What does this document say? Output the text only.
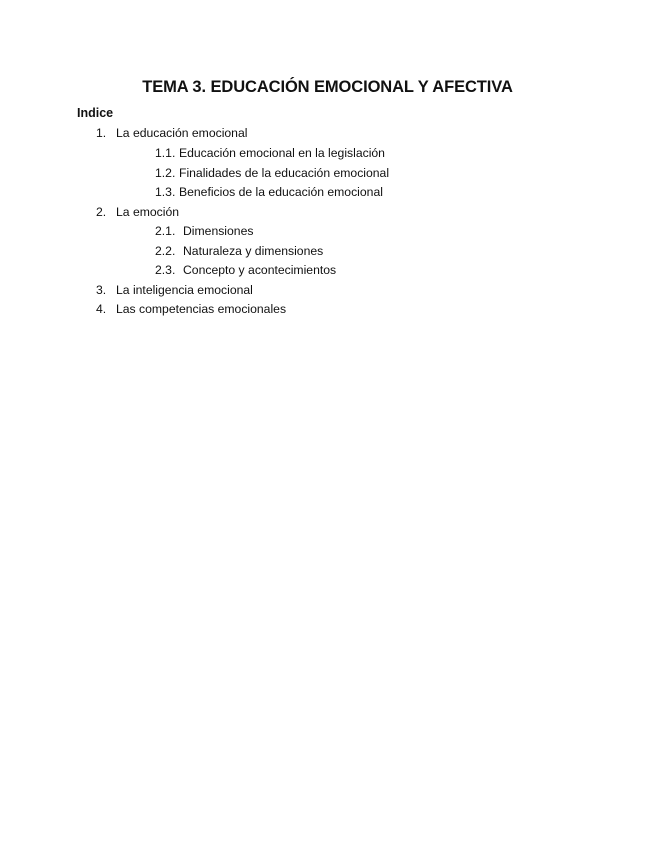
TEMA 3. EDUCACIÓN EMOCIONAL Y AFECTIVA
Indice
1. La educación emocional
1.1. Educación emocional en la legislación
1.2. Finalidades de la educación emocional
1.3. Beneficios de la educación emocional
2. La emoción
2.1. Dimensiones
2.2. Naturaleza y dimensiones
2.3. Concepto y acontecimientos
3. La inteligencia emocional
4. Las competencias emocionales
